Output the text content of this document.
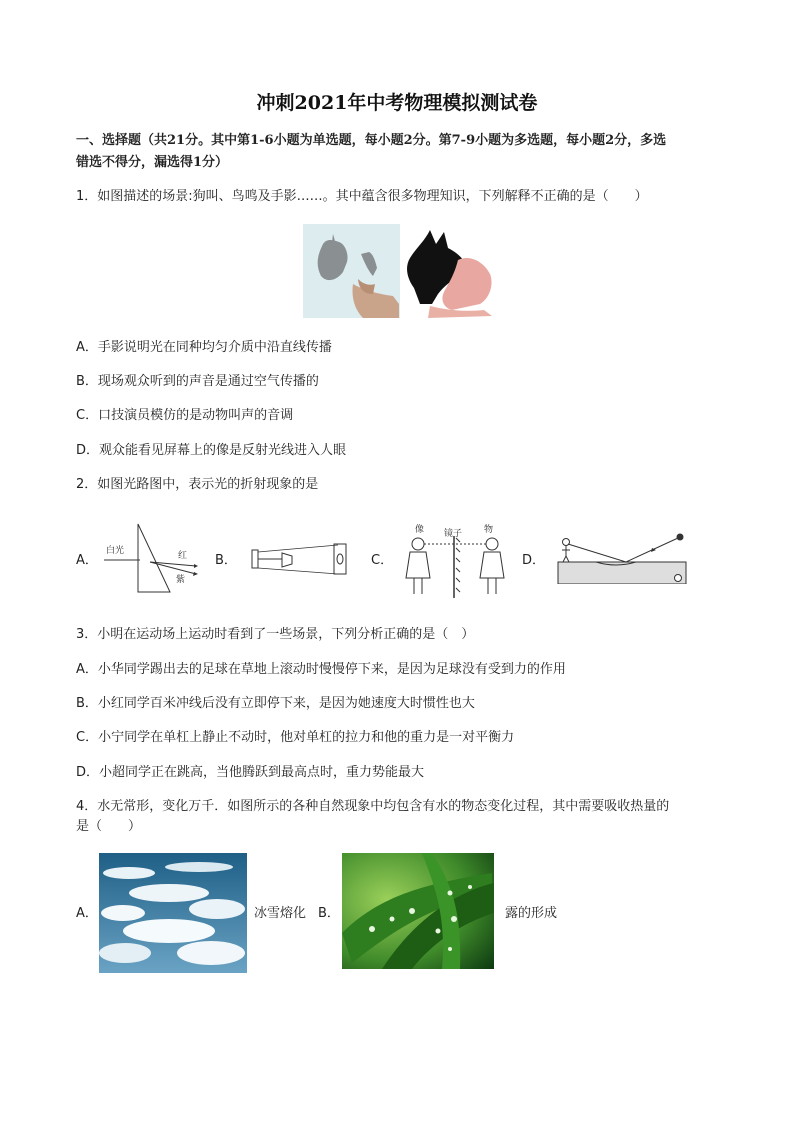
冲刺2021年中考物理模拟测试卷
一、选择题（共21分。其中第1-6小题为单选题，每小题2分。第7-9小题为多选题，每小题2分，多选
错选不得分，漏选得1分）
1．如图描述的场景:狗叫、鸟鸣及手影……。其中蕴含很多物理知识，下列解释不正确的是（　　）
A．手影说明光在同种均匀介质中沿直线传播
B．现场观众听到的声音是通过空气传播的
C．口技演员模仿的是动物叫声的音调
D．观众能看见屏幕上的像是反射光线进入人眼
2．如图光路图中，表示光的折射现象的是
A．
白光	红
紫
B．	C．
像 镜子 物
D．
3．小明在运动场上运动时看到了一些场景，下列分析正确的是（　）
A．小华同学踢出去的足球在草地上滚动时慢慢停下来，是因为足球没有受到力的作用
B．小红同学百米冲线后没有立即停下来，是因为她速度大时惯性也大
C．小宁同学在单杠上静止不动时，他对单杠的拉力和他的重力是一对平衡力
D．小超同学正在跳高，当他腾跃到最高点时，重力势能最大
4．水无常形，变化万千．如图所示的各种自然现象中均包含有水的物态变化过程，其中需要吸收热量的
是（　　）
A．	冰雪熔化 B．	露的形成
